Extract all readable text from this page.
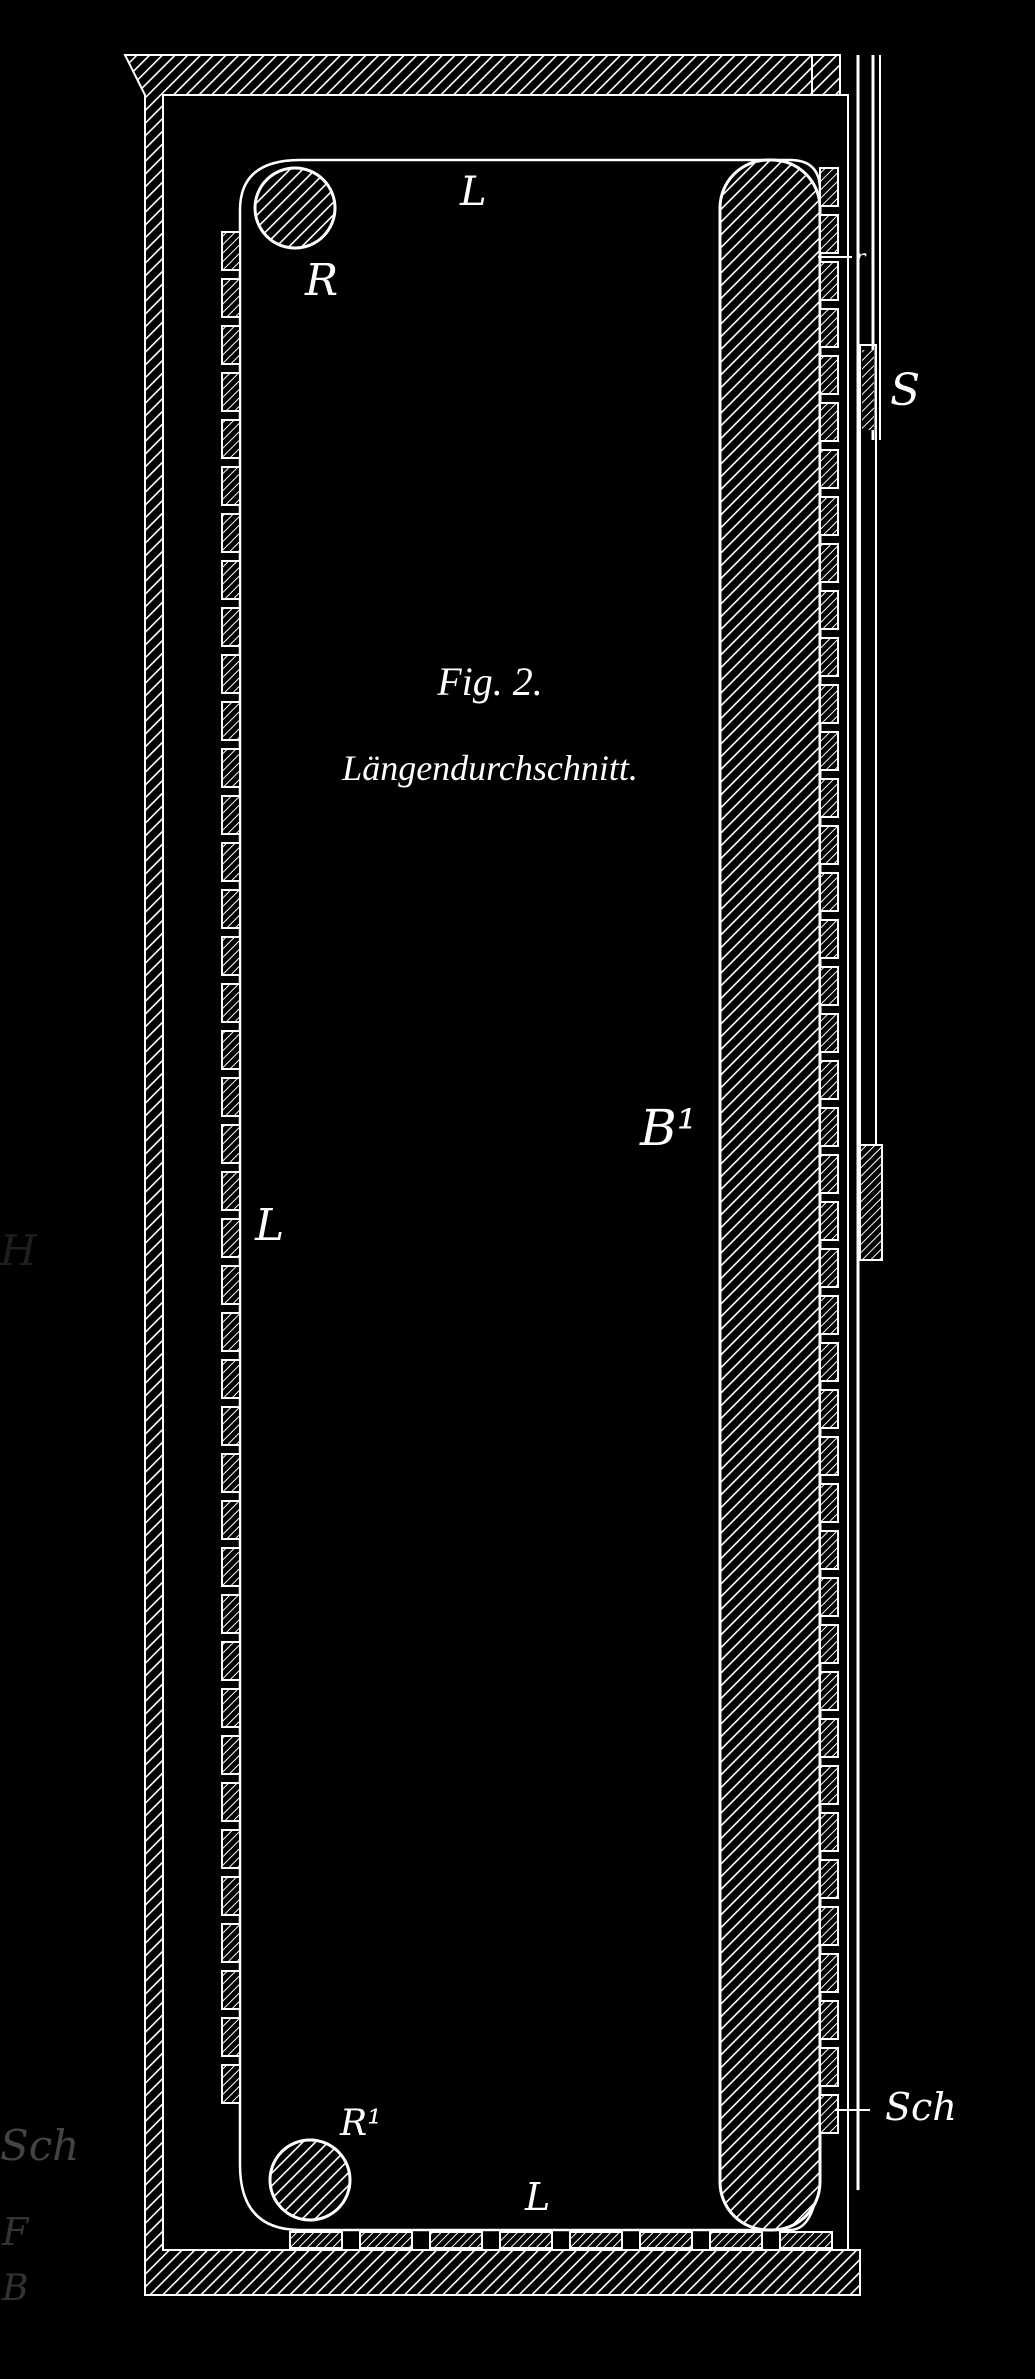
L
R
S
r
L
B¹
R¹
L
Sch
Fig. 2.
Längendurchschnitt.
H
Sch
F
B
